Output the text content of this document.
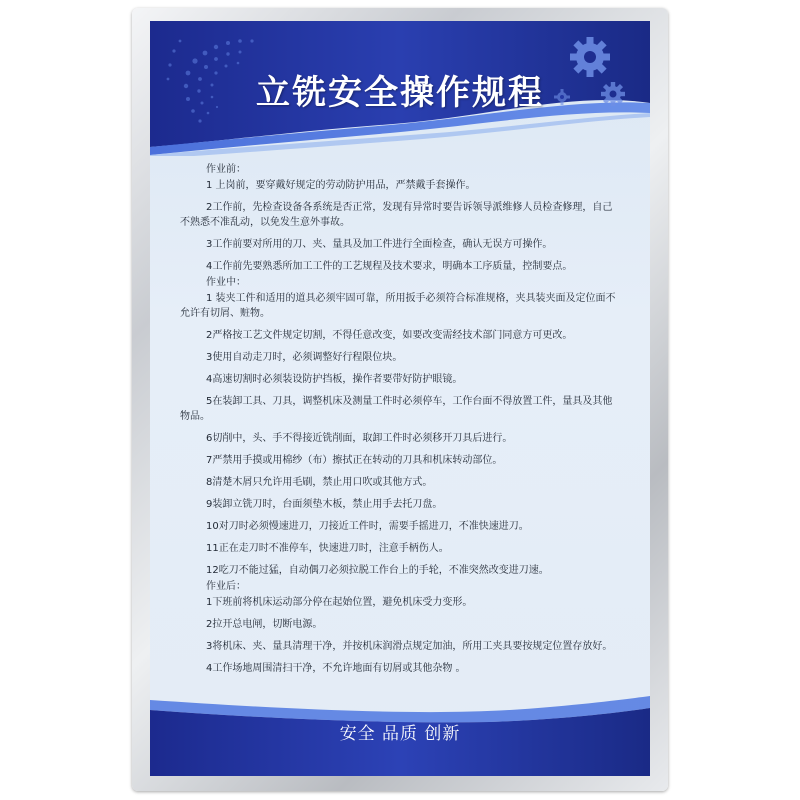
立铣安全操作规程

作业前：

1 上岗前，要穿戴好规定的劳动防护用品，严禁戴手套操作。

2工作前，先检查设备各系统是否正常，发现有异常时要告诉领导派维修人员检查修理，自己不熟悉不准乱动，以免发生意外事故。

3工作前要对所用的刀、夹、量具及加工件进行全面检查，确认无误方可操作。

4工作前先要熟悉所加工工件的工艺规程及技术要求，明确本工序质量，控制要点。

作业中：

1 装夹工件和适用的道具必须牢固可靠，所用扳手必须符合标准规格，夹具装夹面及定位面不允许有切屑、赃物。

2严格按工艺文件规定切割，不得任意改变，如要改变需经技术部门同意方可更改。

3使用自动走刀时，必须调整好行程限位块。

4高速切割时必须装设防护挡板，操作者要带好防护眼镜。

5在装卸工具、刀具，调整机床及测量工件时必须停车，工作台面不得放置工件，量具及其他物品。

6切削中，头、手不得接近铣削面，取卸工件时必须移开刀具后进行。

7严禁用手摸或用棉纱（布）擦拭正在转动的刀具和机床转动部位。

8清楚木屑只允许用毛刷，禁止用口吹或其他方式。

9装卸立铣刀时，台面须垫木板，禁止用手去托刀盘。

10对刀时必须慢速进刀，刀接近工件时，需要手摇进刀，不准快速进刀。

11正在走刀时不准停车，快速进刀时，注意手柄伤人。

12吃刀不能过猛，自动偶刀必须拉脱工作台上的手轮，不准突然改变进刀速。

作业后：

1下班前将机床运动部分停在起始位置，避免机床受力变形。

2拉开总电闸，切断电源。

3将机床、夹、量具清理干净，并按机床润滑点规定加油，所用工夹具要按规定位置存放好。

4工作场地周围清扫干净，不允许地面有切屑或其他杂物 。

安全 品质 创新
